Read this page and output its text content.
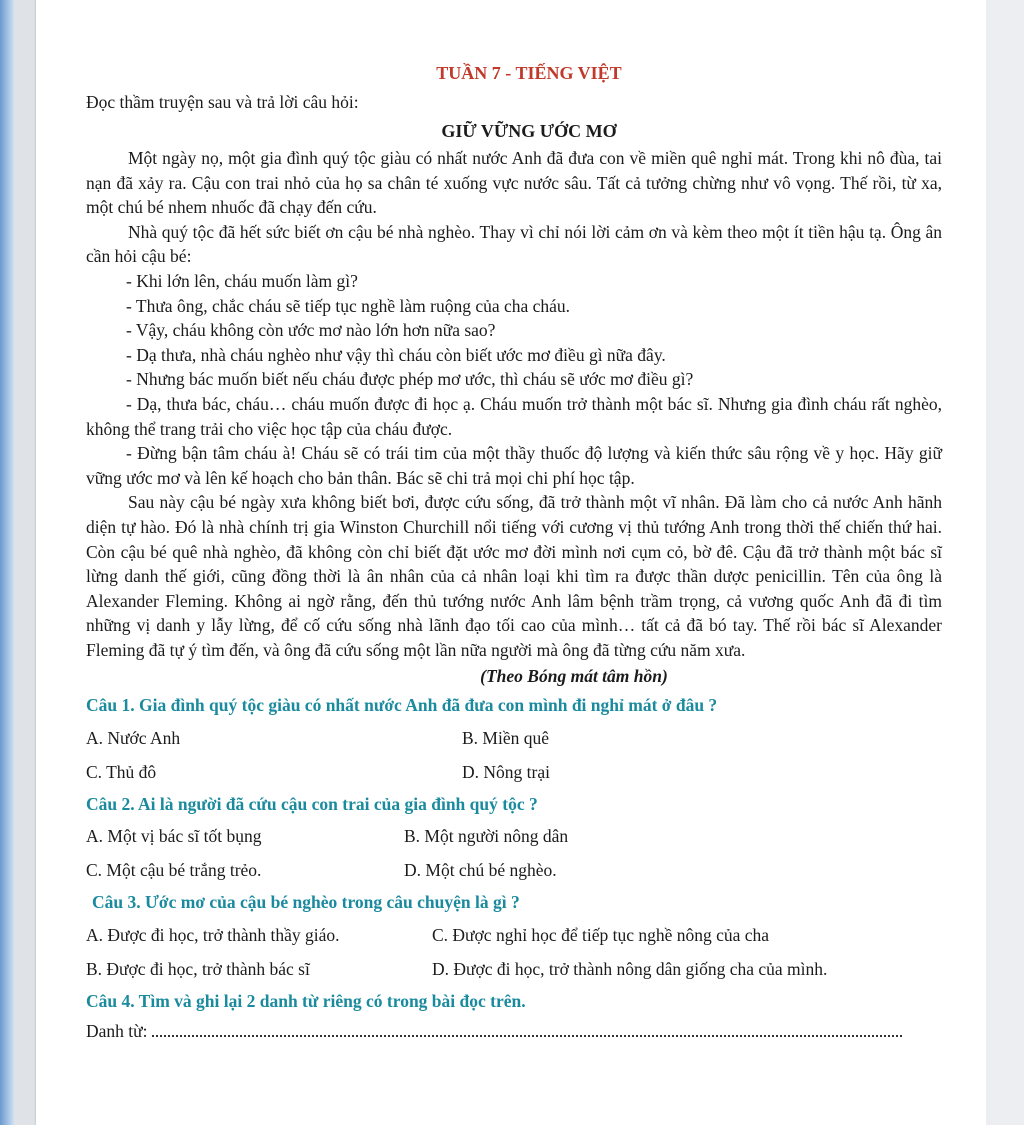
TUẦN 7 - TIẾNG VIỆT

Đọc thầm truyện sau và trả lời câu hỏi:

GIỮ VỮNG ƯỚC MƠ

Một ngày nọ, một gia đình quý tộc giàu có nhất nước Anh đã đưa con về miền quê nghỉ mát. Trong khi nô đùa, tai nạn đã xảy ra. Cậu con trai nhỏ của họ sa chân té xuống vực nước sâu. Tất cả tưởng chừng như vô vọng. Thế rồi, từ xa, một chú bé nhem nhuốc đã chạy đến cứu.

Nhà quý tộc đã hết sức biết ơn cậu bé nhà nghèo. Thay vì chỉ nói lời cảm ơn và kèm theo một ít tiền hậu tạ. Ông ân cần hỏi cậu bé:

- Khi lớn lên, cháu muốn làm gì?

- Thưa ông, chắc cháu sẽ tiếp tục nghề làm ruộng của cha cháu.

- Vậy, cháu không còn ước mơ nào lớn hơn nữa sao?

- Dạ thưa, nhà cháu nghèo như vậy thì cháu còn biết ước mơ điều gì nữa đây.

- Nhưng bác muốn biết nếu cháu được phép mơ ước, thì cháu sẽ ước mơ điều gì?

- Dạ, thưa bác, cháu… cháu muốn được đi học ạ. Cháu muốn trở thành một bác sĩ. Nhưng gia đình cháu rất nghèo, không thể trang trải cho việc học tập của cháu được.

- Đừng bận tâm cháu à! Cháu sẽ có trái tim của một thầy thuốc độ lượng và kiến thức sâu rộng về y học. Hãy giữ vững ước mơ và lên kế hoạch cho bản thân. Bác sẽ chi trả mọi chi phí học tập.

Sau này cậu bé ngày xưa không biết bơi, được cứu sống, đã trở thành một vĩ nhân. Đã làm cho cả nước Anh hãnh diện tự hào. Đó là nhà chính trị gia Winston Churchill nổi tiếng với cương vị thủ tướng Anh trong thời thế chiến thứ hai. Còn cậu bé quê nhà nghèo, đã không còn chỉ biết đặt ước mơ đời mình nơi cụm cỏ, bờ đê. Cậu đã trở thành một bác sĩ lừng danh thế giới, cũng đồng thời là ân nhân của cả nhân loại khi tìm ra được thần dược penicillin. Tên của ông là Alexander Fleming. Không ai ngờ rằng, đến thủ tướng nước Anh lâm bệnh trầm trọng, cả vương quốc Anh đã đi tìm những vị danh y lẫy lừng, để cố cứu sống nhà lãnh đạo tối cao của mình… tất cả đã bó tay. Thế rồi bác sĩ Alexander Fleming đã tự ý tìm đến, và ông đã cứu sống một lần nữa người mà ông đã từng cứu năm xưa.

(Theo Bóng mát tâm hồn)
Câu 1. Gia đình quý tộc giàu có nhất nước Anh đã đưa con mình đi nghỉ mát ở đâu ?
A. Nước Anh	B. Miền quê
C. Thủ đô	D. Nông trại
Câu 2. Ai là người đã cứu cậu con trai của gia đình quý tộc ?
A. Một vị bác sĩ tốt bụng	B. Một người nông dân
C. Một cậu bé trắng trẻo.	D. Một chú bé nghèo.
Câu 3. Ước mơ của cậu bé nghèo trong câu chuyện là gì ?
A. Được đi học, trở thành thầy giáo.	C. Được nghỉ học để tiếp tục nghề nông của cha
B. Được đi học, trở thành bác sĩ	D. Được đi học, trở thành nông dân giống cha của mình.
Câu 4. Tìm và ghi lại 2 danh từ riêng có trong bài đọc trên.
Danh từ:
